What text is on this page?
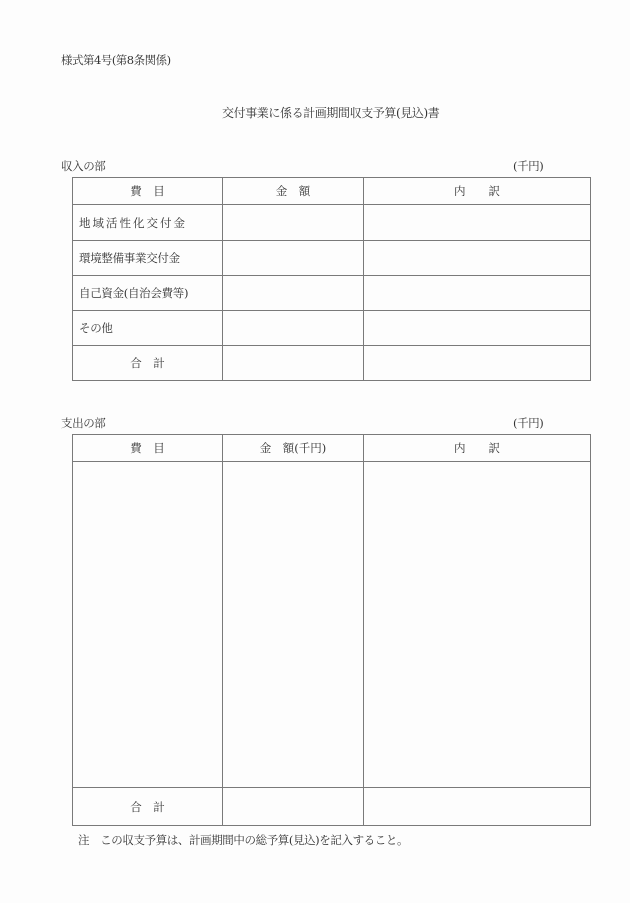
様式第4号(第8条関係)
交付事業に係る計画期間収支予算(見込)書
収入の部	(千円)
費　目	金　額	内　　訳
地域活性化交付金		
環境整備事業交付金		
自己資金(自治会費等)		
その他		
合　計		
支出の部	(千円)
費　目	金　額(千円)	内　　訳

合　計		
注　この収支予算は、計画期間中の総予算(見込)を記入すること。
